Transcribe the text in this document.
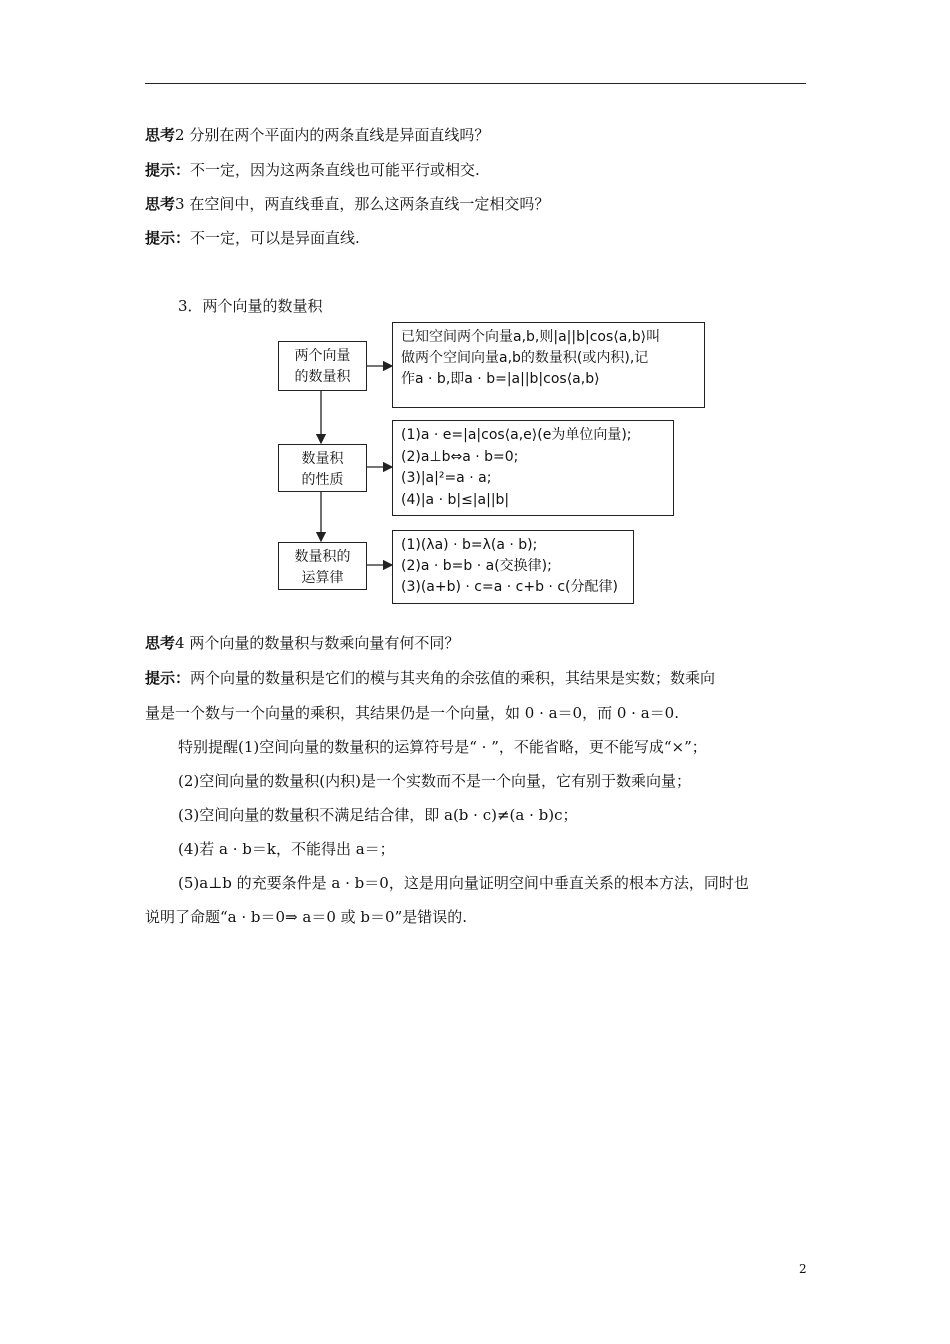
思考2 分别在两个平面内的两条直线是异面直线吗？
提示：不一定，因为这两条直线也可能平行或相交.
思考3 在空间中，两直线垂直，那么这两条直线一定相交吗？
提示：不一定，可以是异面直线.
3．两个向量的数量积
两个向量
的数量积
数量积
的性质
数量积的
运算律
已知空间两个向量a,b,则|a||b|cos⟨a,b⟩叫
做两个空间向量a,b的数量积(或内积),记
作a · b,即a · b=|a||b|cos⟨a,b⟩
(1)a · e=|a|cos⟨a,e⟩(e为单位向量);
(2)a⊥b⇔a · b=0;
(3)|a|²=a · a;
(4)|a · b|≤|a||b|
(1)(λa) · b=λ(a · b);
(2)a · b=b · a(交换律);
(3)(a+b) · c=a · c+b · c(分配律)
思考4 两个向量的数量积与数乘向量有何不同？
提示：两个向量的数量积是它们的模与其夹角的余弦值的乘积，其结果是实数；数乘向
量是一个数与一个向量的乘积，其结果仍是一个向量，如 0 · a＝0，而 0 · a＝0.
特别提醒(1)空间向量的数量积的运算符号是“ · ”，不能省略，更不能写成“×”；
(2)空间向量的数量积(内积)是一个实数而不是一个向量，它有别于数乘向量；
(3)空间向量的数量积不满足结合律，即 a(b · c)≠(a · b)c；
(4)若 a · b＝k，不能得出 a＝；
(5)a⊥b 的充要条件是 a · b＝0，这是用向量证明空间中垂直关系的根本方法，同时也
说明了命题“a · b＝0⇒ a＝0 或 b＝0”是错误的.
2
